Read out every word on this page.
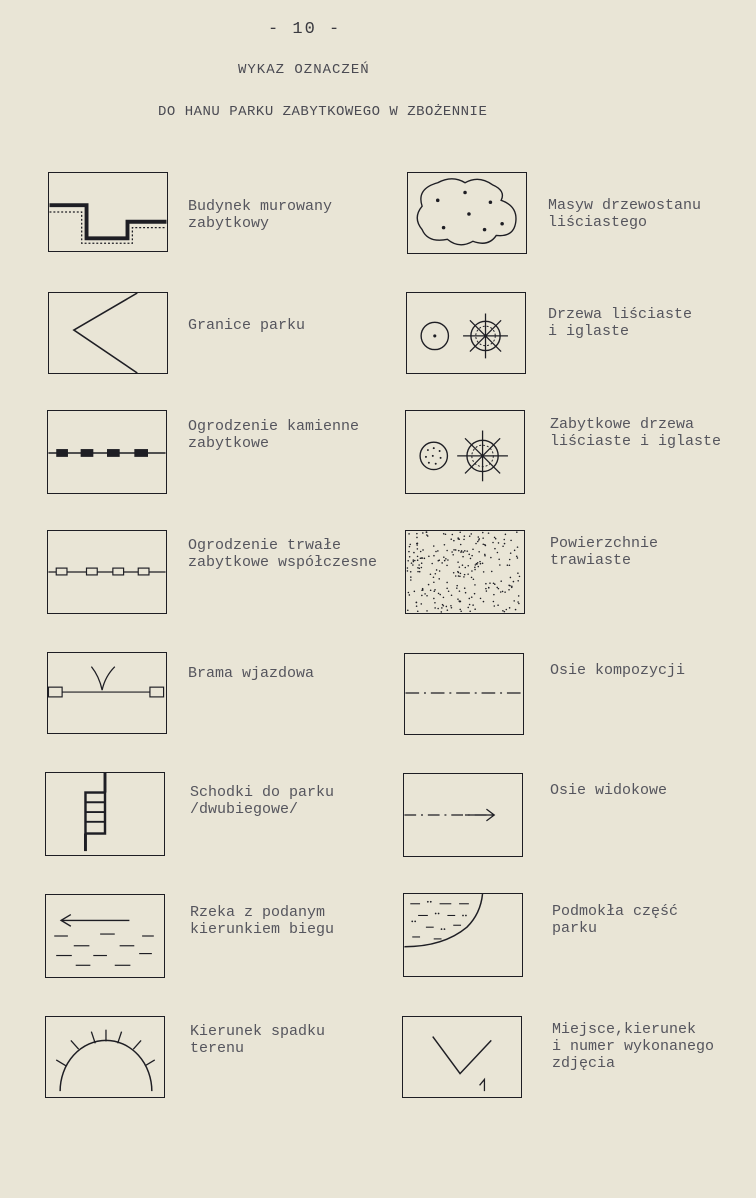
- 10 -
WYKAZ OZNACZEŃ
DO HANU PARKU ZABYTKOWEGO W ZBOŻENNIE
Budynek murowany
zabytkowy
Granice parku
Ogrodzenie kamienne
zabytkowe
Ogrodzenie trwałe
zabytkowe współczesne
Brama wjazdowa
Schodki do parku
/dwubiegowe/
Rzeka z podanym
kierunkiem biegu
Kierunek spadku
terenu
Masyw drzewostanu
liściastego
Drzewa liściaste
i iglaste
Zabytkowe drzewa
liściaste i iglaste
Powierzchnie
trawiaste
Osie kompozycji
Osie widokowe
Podmokła część
parku
Miejsce,kierunek
i numer wykonanego
zdjęcia
